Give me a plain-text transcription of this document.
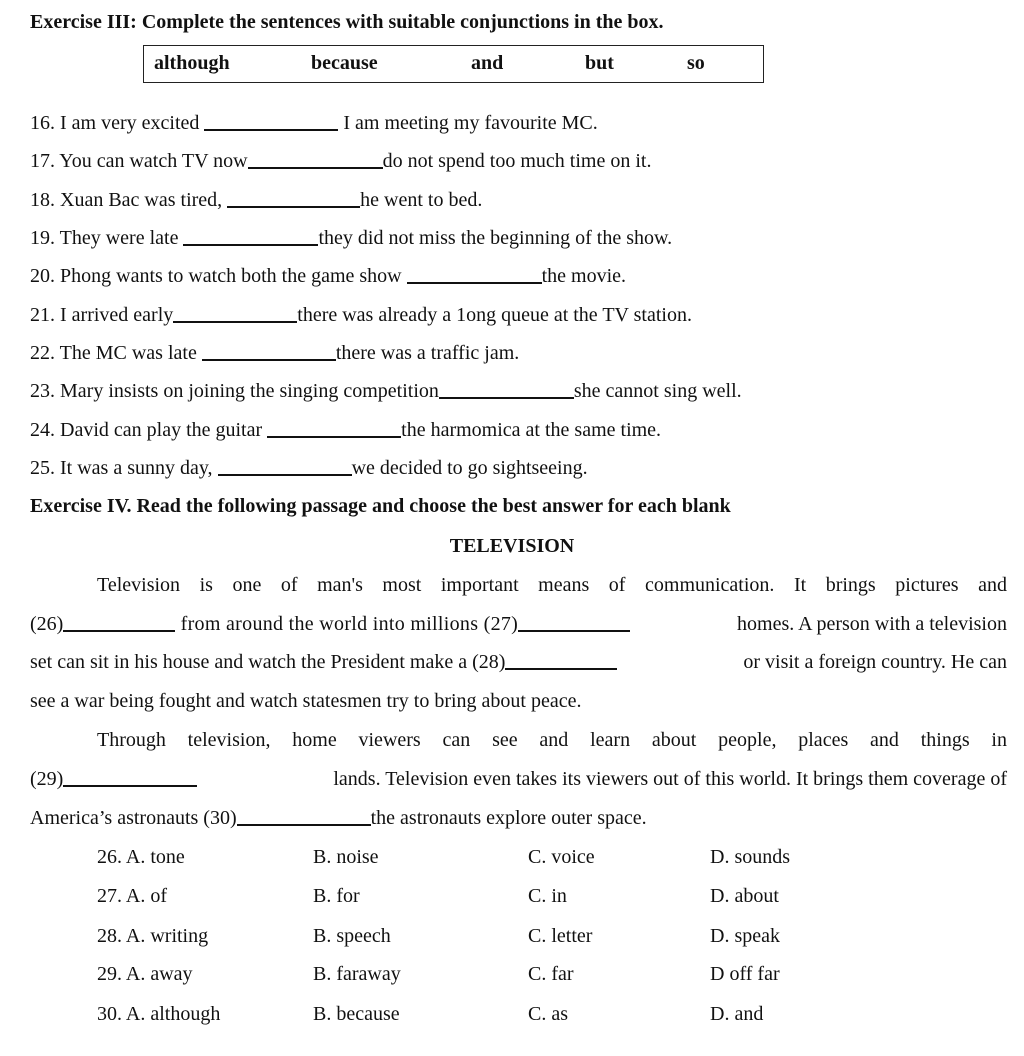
Exercise III: Complete the sentences with suitable conjunctions in the box.
although	because	and	but	so
16. I am very excited	I am meeting my favourite MC.
17. You can watch TV now	do not spend too much time on it.
18. Xuan Bac was tired,	he went to bed.
19. They were late	they did not miss the beginning of the show.
20. Phong wants to watch both the game show	the movie.
21. I arrived early	there was already a 1ong queue at the TV station.
22. The MC was late	there was a traffic jam.
23. Mary insists on joining the singing competition	she cannot sing well.
24. David can play the guitar	the harmomica at the same time.
25. It was a sunny day,	we decided to go sightseeing.
Exercise IV. Read the following passage and choose the best answer for each blank
TELEVISION
Television is one of man's most important means of communication. It brings pictures and
(26)	from around the world into millions (27)	homes. A person with a television
set can sit in his house and watch the President make a (28)	or visit a foreign country. He can
see a war being fought and watch statesmen try to bring about peace.
Through television, home viewers can see and learn about people, places and things in
(29)	lands. Television even takes its viewers out of this world. It brings them coverage of
America’s astronauts (30)	the astronauts explore outer space.
26. A. tone	B. noise	C. voice	D. sounds
27. A. of	B. for	C. in	D. about
28. A. writing	B. speech	C. letter	D. speak
29. A. away	B. faraway	C. far	D off far
30. A. although	B. because	C. as	D. and
